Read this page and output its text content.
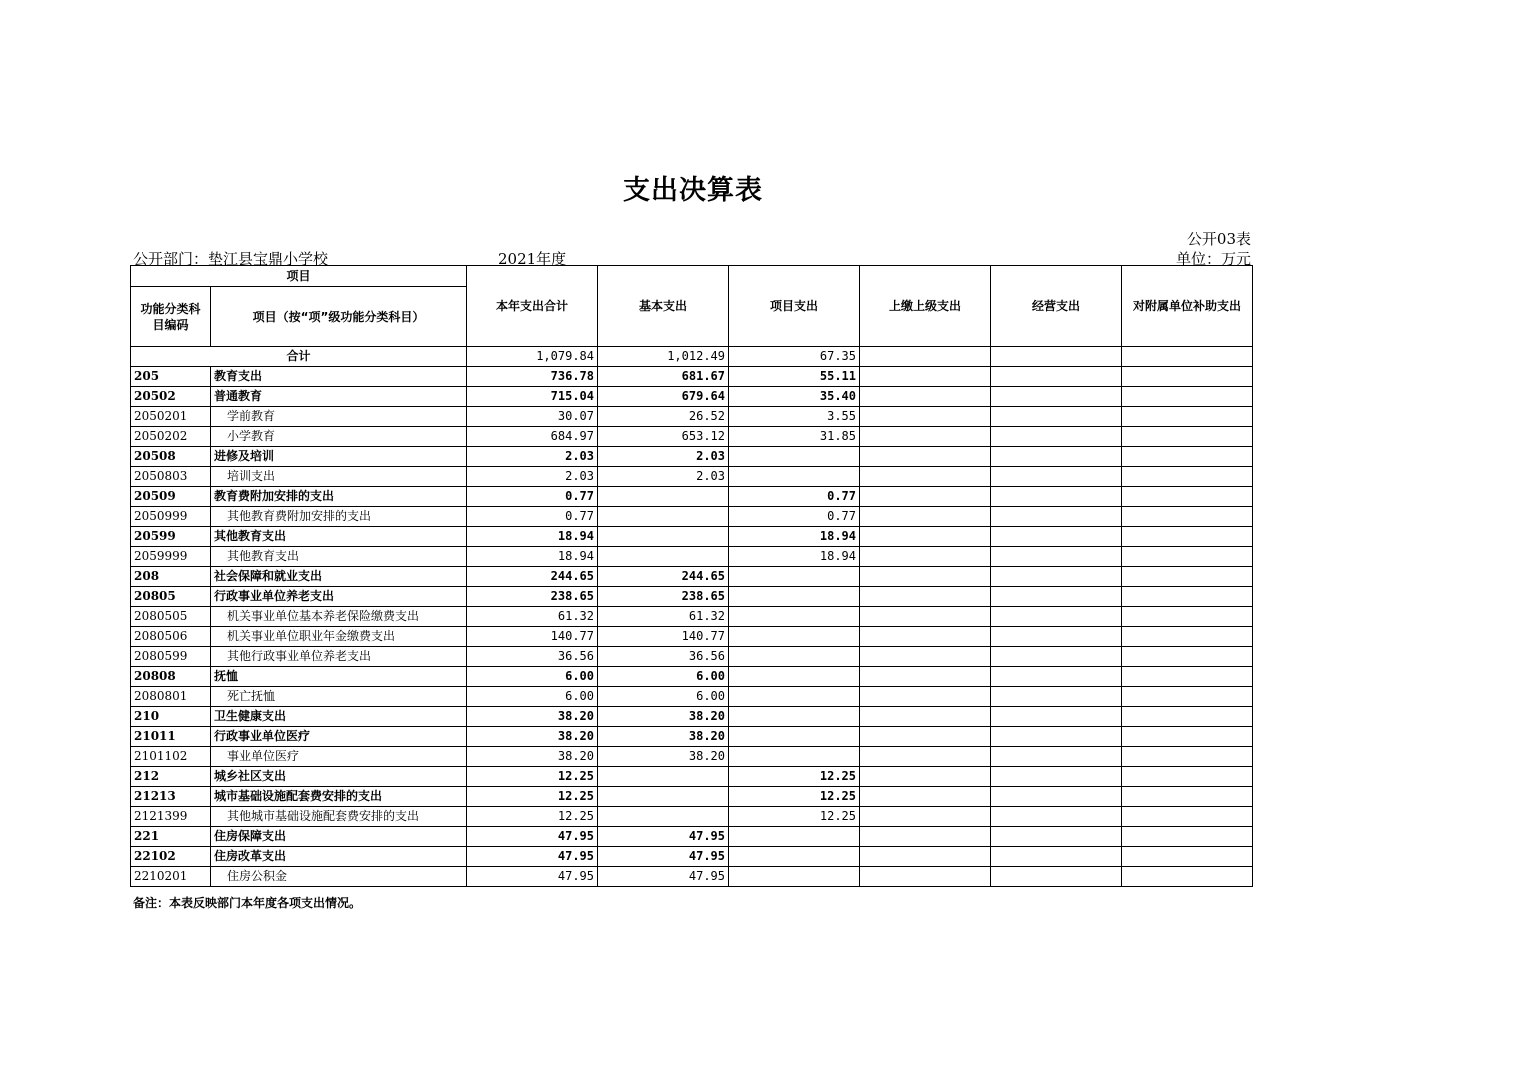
支出决算表
公开03表
公开部门：垫江县宝鼎小学校	2021年度	单位：万元
项目		本年支出合计	基本支出	项目支出	上缴上级支出	经营支出	对附属单位补助支出
功能分类科目编码	项目（按“项”级功能分类科目）						
合计		1,079.84	1,012.49	67.35			
205	教育支出	736.78	681.67	55.11			
20502	普通教育	715.04	679.64	35.40			
2050201	学前教育	30.07	26.52	3.55			
2050202	小学教育	684.97	653.12	31.85			
20508	进修及培训	2.03	2.03				
2050803	培训支出	2.03	2.03				
20509	教育费附加安排的支出	0.77		0.77			
2050999	其他教育费附加安排的支出	0.77		0.77			
20599	其他教育支出	18.94		18.94			
2059999	其他教育支出	18.94		18.94			
208	社会保障和就业支出	244.65	244.65				
20805	行政事业单位养老支出	238.65	238.65				
2080505	机关事业单位基本养老保险缴费支出	61.32	61.32				
2080506	机关事业单位职业年金缴费支出	140.77	140.77				
2080599	其他行政事业单位养老支出	36.56	36.56				
20808	抚恤	6.00	6.00				
2080801	死亡抚恤	6.00	6.00				
210	卫生健康支出	38.20	38.20				
21011	行政事业单位医疗	38.20	38.20				
2101102	事业单位医疗	38.20	38.20				
212	城乡社区支出	12.25		12.25			
21213	城市基础设施配套费安排的支出	12.25		12.25			
2121399	其他城市基础设施配套费安排的支出	12.25		12.25			
221	住房保障支出	47.95	47.95				
22102	住房改革支出	47.95	47.95				
2210201	住房公积金	47.95	47.95				
备注：本表反映部门本年度各项支出情况。
